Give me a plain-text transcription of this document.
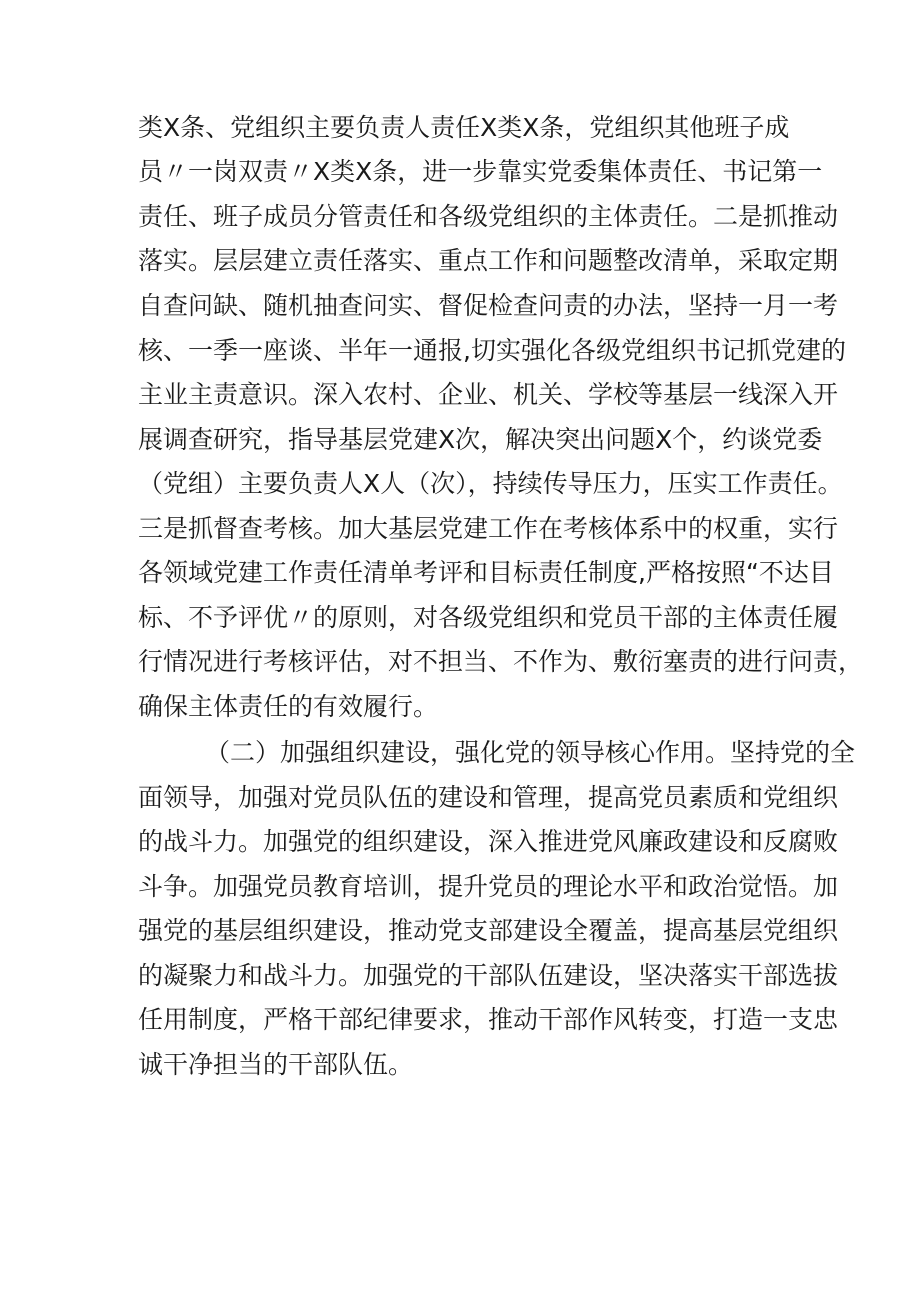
类X条、党组织主要负责人责任X类X条，党组织其他班子成
员〃一岗双责〃X类X条，进一步靠实党委集体责任、书记第一
责任、班子成员分管责任和各级党组织的主体责任。二是抓推动
落实。层层建立责任落实、重点工作和问题整改清单，采取定期
自查问缺、随机抽查问实、督促检查问责的办法，坚持一月一考
核、一季一座谈、半年一通报,切实强化各级党组织书记抓党建的
主业主责意识。深入农村、企业、机关、学校等基层一线深入开
展调查研究，指导基层党建X次，解决突出问题X个，约谈党委
（党组）主要负责人X人（次），持续传导压力，压实工作责任。
三是抓督查考核。加大基层党建工作在考核体系中的权重，实行
各领域党建工作责任清单考评和目标责任制度,严格按照“不达目
标、不予评优〃的原则，对各级党组织和党员干部的主体责任履
行情况进行考核评估，对不担当、不作为、敷衍塞责的进行问责，
确保主体责任的有效履行。
（二）加强组织建设，强化党的领导核心作用。坚持党的全
面领导，加强对党员队伍的建设和管理，提高党员素质和党组织
的战斗力。加强党的组织建设，深入推进党风廉政建设和反腐败
斗争。加强党员教育培训，提升党员的理论水平和政治觉悟。加
强党的基层组织建设，推动党支部建设全覆盖，提高基层党组织
的凝聚力和战斗力。加强党的干部队伍建设，坚决落实干部选拔
任用制度，严格干部纪律要求，推动干部作风转变，打造一支忠
诚干净担当的干部队伍。
